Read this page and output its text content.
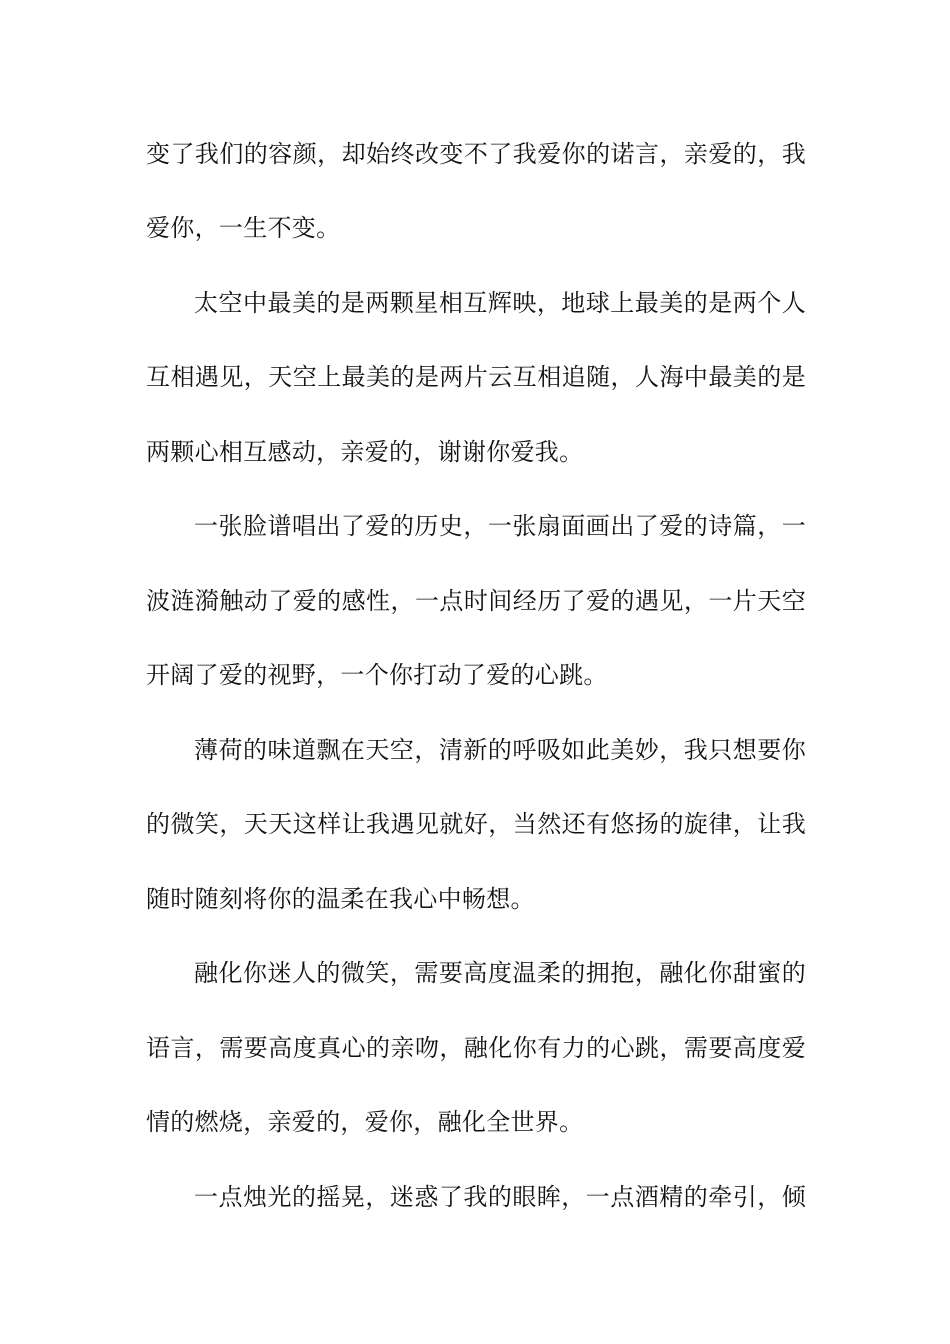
变了我们的容颜，却始终改变不了我爱你的诺言，亲爱的，我
爱你，一生不变。
太空中最美的是两颗星相互辉映，地球上最美的是两个人
互相遇见，天空上最美的是两片云互相追随，人海中最美的是
两颗心相互感动，亲爱的，谢谢你爱我。
一张脸谱唱出了爱的历史，一张扇面画出了爱的诗篇，一
波涟漪触动了爱的感性，一点时间经历了爱的遇见，一片天空
开阔了爱的视野，一个你打动了爱的心跳。
薄荷的味道飘在天空，清新的呼吸如此美妙，我只想要你
的微笑，天天这样让我遇见就好，当然还有悠扬的旋律，让我
随时随刻将你的温柔在我心中畅想。
融化你迷人的微笑，需要高度温柔的拥抱，融化你甜蜜的
语言，需要高度真心的亲吻，融化你有力的心跳，需要高度爱
情的燃烧，亲爱的，爱你，融化全世界。
一点烛光的摇晃，迷惑了我的眼眸，一点酒精的牵引，倾
